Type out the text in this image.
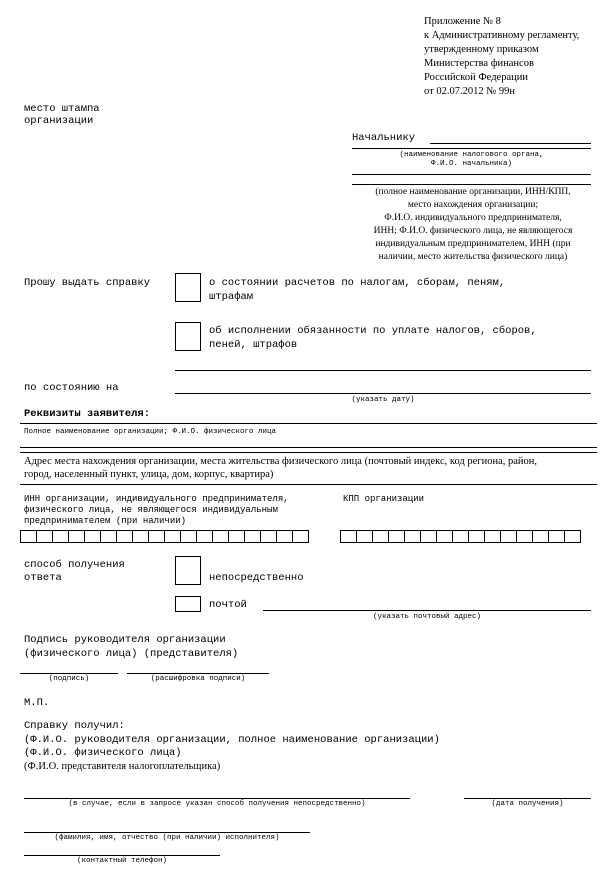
Приложение № 8
к Административному регламенту,
утвержденному приказом
Министерства финансов
Российской Федерации
от 02.07.2012 № 99н
место штампа
организации
Начальнику
(наименование налогового органа,
Ф.И.О. начальника)
(полное наименование организации, ИНН/КПП,
место нахождения организации;
Ф.И.О. индивидуального предпринимателя,
ИНН; Ф.И.О. физического лица, не являющегося
индивидуальным предпринимателем, ИНН (при
наличии, место жительства физического лица)
Прошу выдать справку	о состоянии расчетов по налогам, сборам, пеням,
штрафам
об исполнении обязанности по уплате налогов, сборов,
пеней, штрафов
по состоянию на
(указать дату)
Реквизиты заявителя:
Полное наименование организации; Ф.И.О. физического лица
Адрес места нахождения организации, места жительства физического лица (почтовый индекс, код региона, район,
город, населенный пункт, улица, дом, корпус, квартира)
ИНН организации, индивидуального предпринимателя,
физического лица, не являющегося индивидуальным
предпринимателем (при наличии)
КПП организации
способ получения
ответа	непосредственно
почтой
(указать почтовый адрес)
Подпись руководителя организации
(физического лица) (представителя)
(подпись)	(расшифровка подписи)
М.П.
Справку получил:
(Ф.И.О. руководителя организации, полное наименование организации)
(Ф.И.О. физического лица)
(Ф.И.О. представителя налогоплательщика)
(в случае, если в запросе указан способ получения непосредственно)	(дата получения)
(фамилия, имя, отчество (при наличии) исполнителя)
(контактный телефон)
